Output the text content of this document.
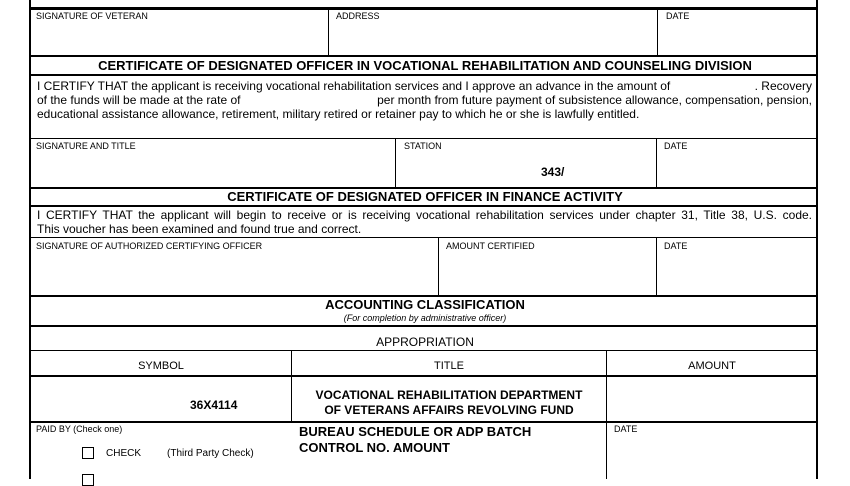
SIGNATURE OF VETERAN	ADDRESS	DATE
CERTIFICATE OF DESIGNATED OFFICER IN VOCATIONAL REHABILITATION AND COUNSELING DIVISION
I CERTIFY THAT the applicant is receiving vocational rehabilitation services and I approve an advance in the amount of	. Recovery
of the funds will be made at the rate of	per month from future payment of subsistence allowance, compensation, pension,
educational assistance allowance, retirement, military retired or retainer pay to which he or she is lawfully entitled.
SIGNATURE AND TITLE	STATION	DATE
343/
CERTIFICATE OF DESIGNATED OFFICER IN FINANCE ACTIVITY
I CERTIFY THAT the applicant will begin to receive or is receiving vocational rehabilitation services under chapter 31, Title 38, U.S. code.
This voucher has been examined and found true and correct.
SIGNATURE OF AUTHORIZED CERTIFYING OFFICER	AMOUNT CERTIFIED	DATE
ACCOUNTING CLASSIFICATION
(For completion by administrative officer)
APPROPRIATION
SYMBOL	TITLE	AMOUNT
36X4114
VOCATIONAL REHABILITATION DEPARTMENT
OF VETERANS AFFAIRS REVOLVING FUND
PAID BY (Check one)
CHECK	(Third Party Check)
BUREAU SCHEDULE OR ADP BATCH
CONTROL NO. AMOUNT
DATE
